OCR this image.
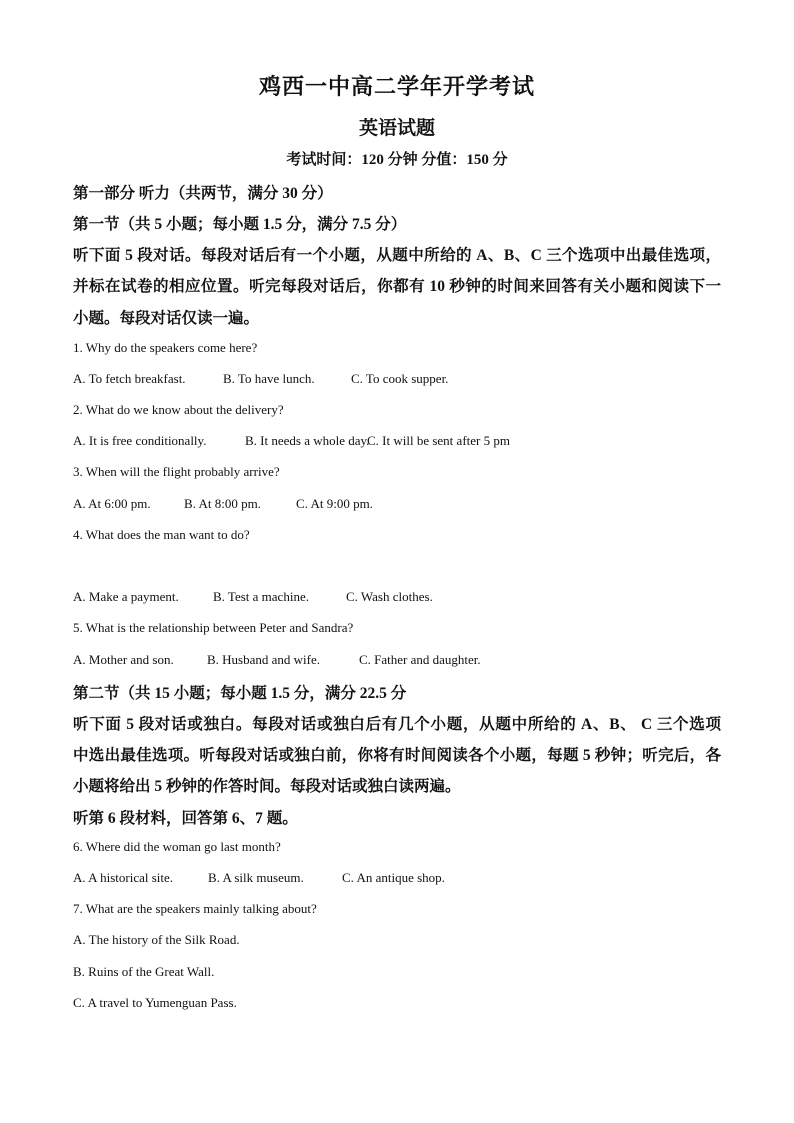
鸡西一中高二学年开学考试
英语试题
考试时间：120 分钟 分值：150 分
第一部分 听力（共两节，满分 30 分）
第一节（共 5 小题；每小题 1.5 分，满分 7.5 分）
听下面 5 段对话。每段对话后有一个小题，从题中所给的 A、B、C 三个选项中出最佳选项，
并标在试卷的相应位置。听完每段对话后，你都有 10 秒钟的时间来回答有关小题和阅读下一
小题。每段对话仅读一遍。
1. Why do the speakers come here?
A. To fetch breakfast.	B. To have lunch.	C. To cook supper.
2. What do we know about the delivery?
A. It is free conditionally.	B. It needs a whole day.C. It will be sent after 5 pm
3. When will the flight probably arrive?
A. At 6:00 pm.	B. At 8:00 pm.	C. At 9:00 pm.
4. What does the man want to do?
A. Make a payment.	B. Test a machine.	C. Wash clothes.
5. What is the relationship between Peter and Sandra?
A. Mother and son.	B. Husband and wife.	C. Father and daughter.
第二节（共 15 小题；每小题 1.5 分，满分 22.5 分
听下面 5 段对话或独白。每段对话或独白后有几个小题，从题中所给的 A、B、 C 三个选项
中选出最佳选项。听每段对话或独白前，你将有时间阅读各个小题，每题 5 秒钟；听完后，各
小题将给出 5 秒钟的作答时间。每段对话或独白读两遍。
听第 6 段材料，回答第 6、7 题。
6. Where did the woman go last month?
A. A historical site.	B. A silk museum.	C. An antique shop.
7. What are the speakers mainly talking about?
A. The history of the Silk Road.
B. Ruins of the Great Wall.
C. A travel to Yumenguan Pass.
